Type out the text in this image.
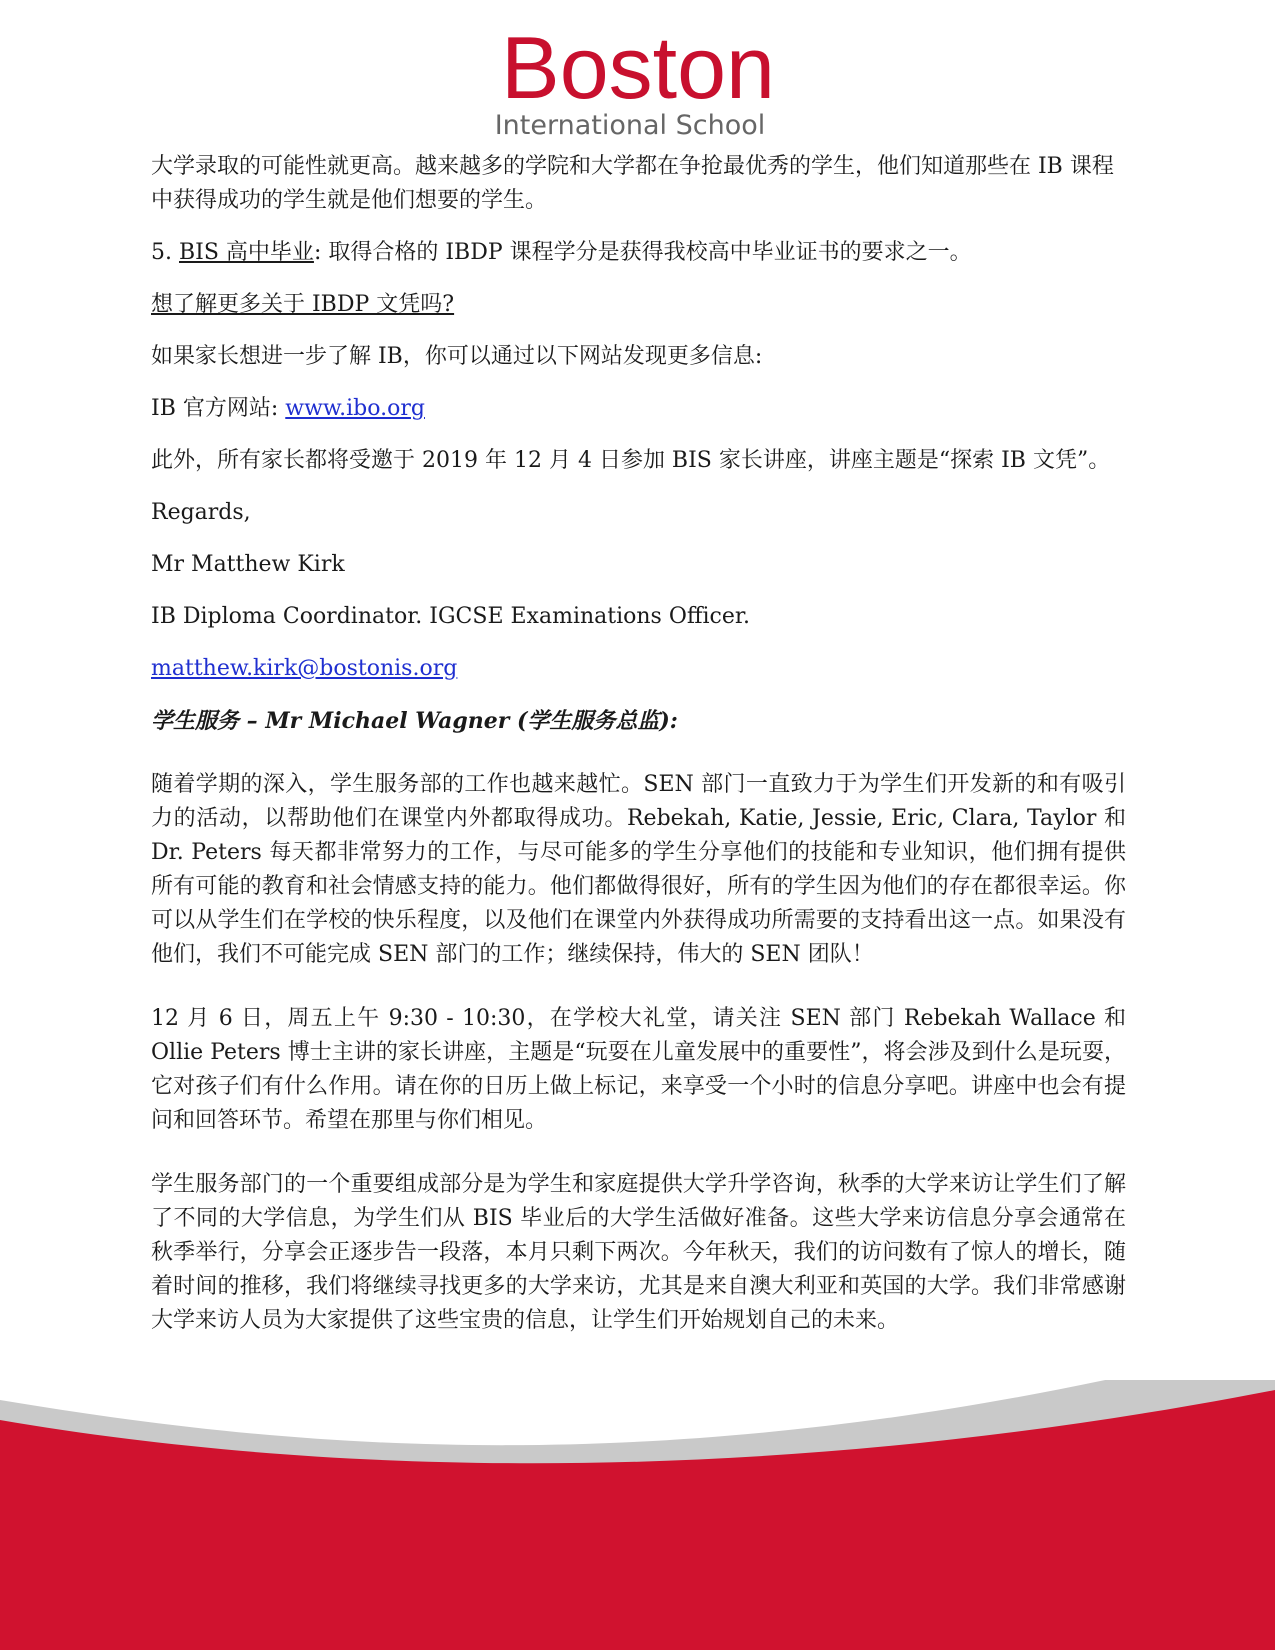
Boston
International School

大学录取的可能性就更高。越来越多的学院和大学都在争抢最优秀的学生，他们知道那些在 IB 课程中获得成功的学生就是他们想要的学生。

5. BIS 高中毕业: 取得合格的 IBDP 课程学分是获得我校高中毕业证书的要求之一。

想了解更多关于 IBDP 文凭吗?

如果家长想进一步了解 IB，你可以通过以下网站发现更多信息:

IB 官方网站: www.ibo.org

此外，所有家长都将受邀于 2019 年 12 月 4 日参加 BIS 家长讲座，讲座主题是“探索 IB 文凭”。

Regards,

Mr Matthew Kirk

IB Diploma Coordinator. IGCSE Examinations Officer.

matthew.kirk@bostonis.org

学生服务 – Mr Michael Wagner (学生服务总监):

随着学期的深入，学生服务部的工作也越来越忙。SEN 部门一直致力于为学生们开发新的和有吸引力的活动，以帮助他们在课堂内外都取得成功。Rebekah, Katie, Jessie, Eric, Clara, Taylor 和 Dr. Peters 每天都非常努力的工作，与尽可能多的学生分享他们的技能和专业知识，他们拥有提供所有可能的教育和社会情感支持的能力。他们都做得很好，所有的学生因为他们的存在都很幸运。你可以从学生们在学校的快乐程度，以及他们在课堂内外获得成功所需要的支持看出这一点。如果没有他们，我们不可能完成 SEN 部门的工作；继续保持，伟大的 SEN 团队！

12 月 6 日，周五上午 9:30 - 10:30，在学校大礼堂，请关注 SEN 部门 Rebekah Wallace 和 Ollie Peters 博士主讲的家长讲座，主题是“玩耍在儿童发展中的重要性”，将会涉及到什么是玩耍，它对孩子们有什么作用。请在你的日历上做上标记，来享受一个小时的信息分享吧。讲座中也会有提问和回答环节。希望在那里与你们相见。

学生服务部门的一个重要组成部分是为学生和家庭提供大学升学咨询，秋季的大学来访让学生们了解了不同的大学信息，为学生们从 BIS 毕业后的大学生活做好准备。这些大学来访信息分享会通常在秋季举行，分享会正逐步告一段落，本月只剩下两次。今年秋天，我们的访问数有了惊人的增长，随着时间的推移，我们将继续寻找更多的大学来访，尤其是来自澳大利亚和英国的大学。我们非常感谢大学来访人员为大家提供了这些宝贵的信息，让学生们开始规划自己的未来。
